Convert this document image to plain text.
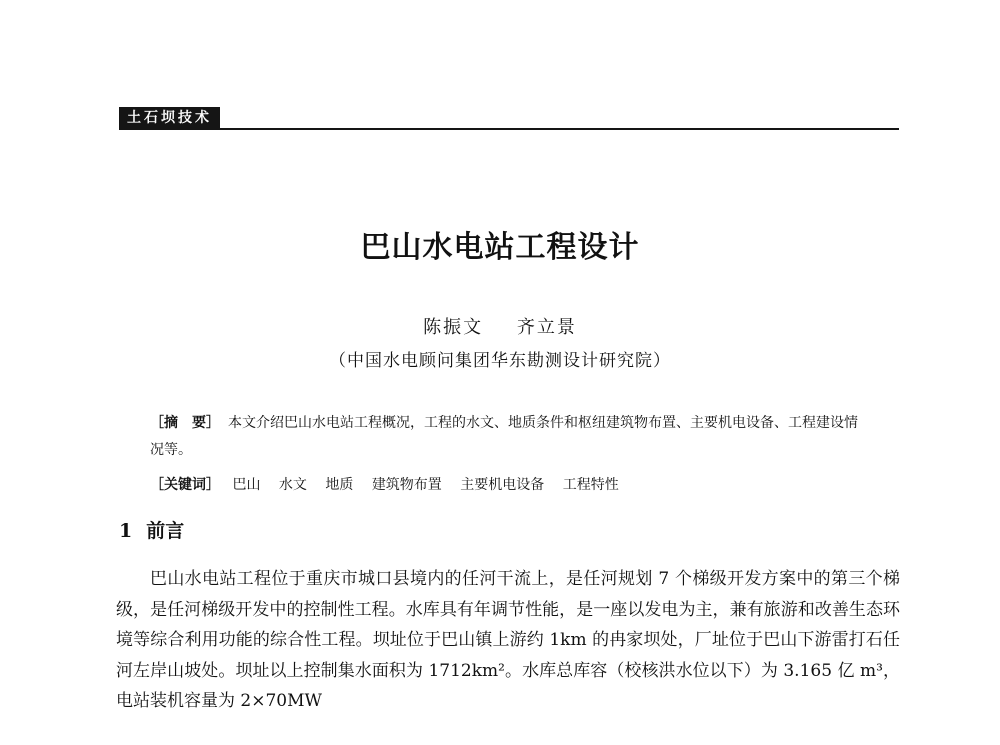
土石坝技术
巴山水电站工程设计
陈振文 齐立景
（中国水电顾问集团华东勘测设计研究院）
［摘　要］ 本文介绍巴山水电站工程概况，工程的水文、地质条件和枢纽建筑物布置、主要机电设备、工程建设情况等。
［关键词］ 巴山 水文 地质 建筑物布置 主要机电设备 工程特性
1 前言
巴山水电站工程位于重庆市城口县境内的任河干流上，是任河规划 7 个梯级开发方案中的第三个梯级，是任河梯级开发中的控制性工程。水库具有年调节性能，是一座以发电为主，兼有旅游和改善生态环境等综合利用功能的综合性工程。坝址位于巴山镇上游约 1km 的冉家坝处，厂址位于巴山下游雷打石任河左岸山坡处。坝址以上控制集水面积为 1712km²。水库总库容（校核洪水位以下）为 3.165 亿 m³，电站装机容量为 2×70MW
